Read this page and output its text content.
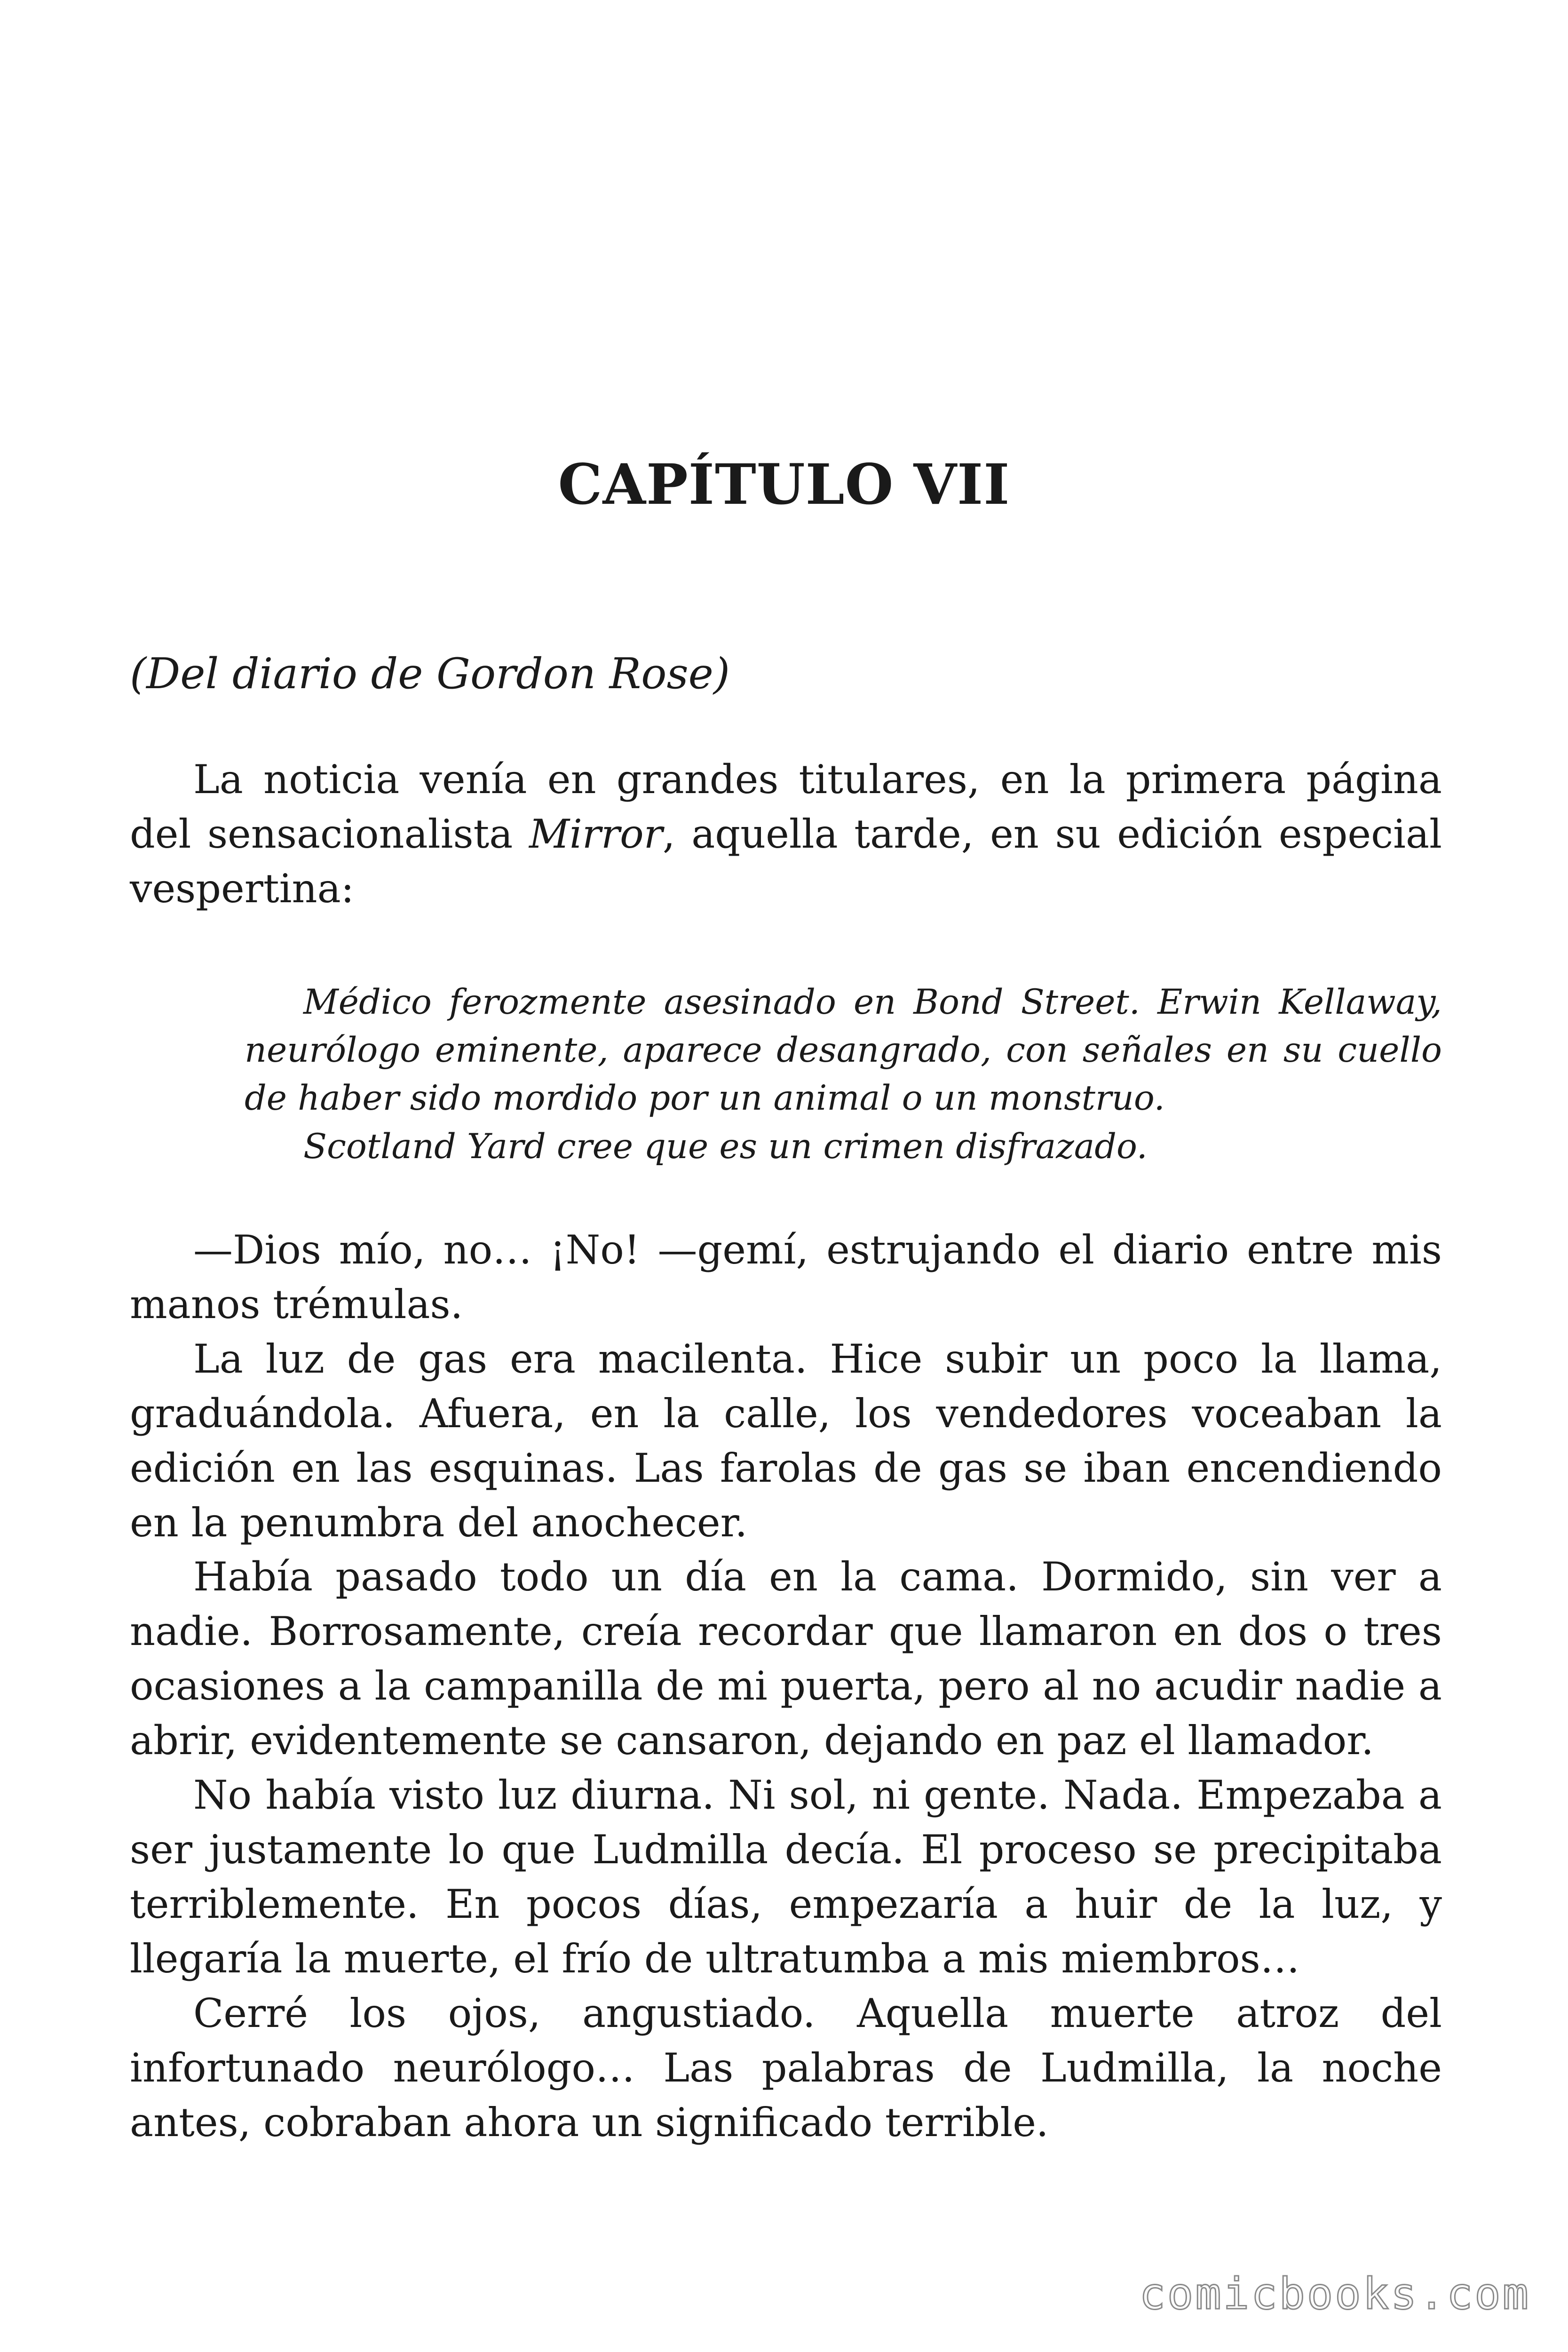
CAPÍTULO VII
(Del diario de Gordon Rose)

La noticia venía en grandes titulares, en la primera página del sensacionalista Mirror, aquella tarde, en su edición especial vespertina:

Médico ferozmente asesinado en Bond Street. Erwin Kellaway, neurólogo eminente, aparece desangrado, con señales en su cuello de haber sido mordido por un animal o un monstruo.

Scotland Yard cree que es un crimen disfrazado.

—Dios mío, no… ¡No! —gemí, estrujando el diario entre mis manos trémulas.

La luz de gas era macilenta. Hice subir un poco la llama, graduándola. Afuera, en la calle, los vendedores voceaban la edición en las esquinas. Las farolas de gas se iban encendiendo en la penumbra del anochecer.

Había pasado todo un día en la cama. Dormido, sin ver a nadie. Borrosamente, creía recordar que llamaron en dos o tres ocasiones a la campanilla de mi puerta, pero al no acudir nadie a abrir, evidentemente se cansaron, dejando en paz el llamador.

No había visto luz diurna. Ni sol, ni gente. Nada. Empezaba a ser justamente lo que Ludmilla decía. El proceso se precipitaba terriblemente. En pocos días, empezaría a huir de la luz, y llegaría la muerte, el frío de ultratumba a mis miembros…

Cerré los ojos, angustiado. Aquella muerte atroz del infortunado neurólogo… Las palabras de Ludmilla, la noche antes, cobraban ahora un significado terrible.

comicbooks.com
